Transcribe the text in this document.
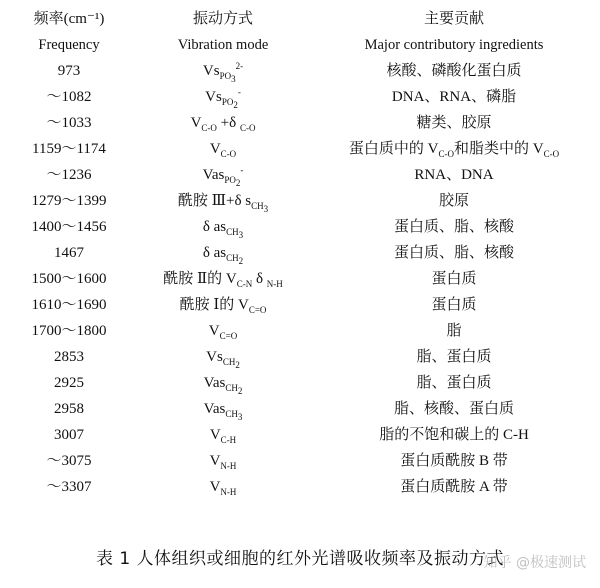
频率(cm⁻¹)	振动方式	主要贡献
Frequency	Vibration mode	Major contributory ingredients
973	$Vs_{PO_3}^{2-}$	核酸、磷酸化蛋白质
～1082	$Vs_{PO_2}^-$	DNA、RNA、磷脂
～1033	$V_{C-O} +\delta$ $_{C-O}$	糖类、胶原
1159～1174	$V_{C-O}$	蛋白质中的 $V_{C-O}$和脂类中的 $V_{C-O}$
～1236	Vas$_{PO_2}$-	RNA、DNA
1279～1399	酰胺 Ⅲ+δ $s_{CH_3}$	胶原
1400～1456	δ $as_{CH_3}$	蛋白质、脂、核酸
1467	δ $as_{CH_2}$	蛋白质、脂、核酸
1500～1600	酰胺 Ⅱ的 $V_{C-N}$ δ $_{N-H}$	蛋白质
1610～1690	酰胺 Ⅰ的 $V_{C=O}$	蛋白质
1700～1800	$V_{C=O}$	脂
2853	$Vs_{CH_2}$	脂、蛋白质
2925	Vas$_{CH_2}$	脂、蛋白质
2958	Vas$_{CH_3}$	脂、核酸、蛋白质
3007	$V_{C-H}$	脂的不饱和碳上的 C-H
～3075	$V_{N-H}$	蛋白质酰胺 B 带
～3307	$V_{N-H}$	蛋白质酰胺 A 带
表 1 人体组织或细胞的红外光谱吸收频率及振动方式
知乎 @极速测试
